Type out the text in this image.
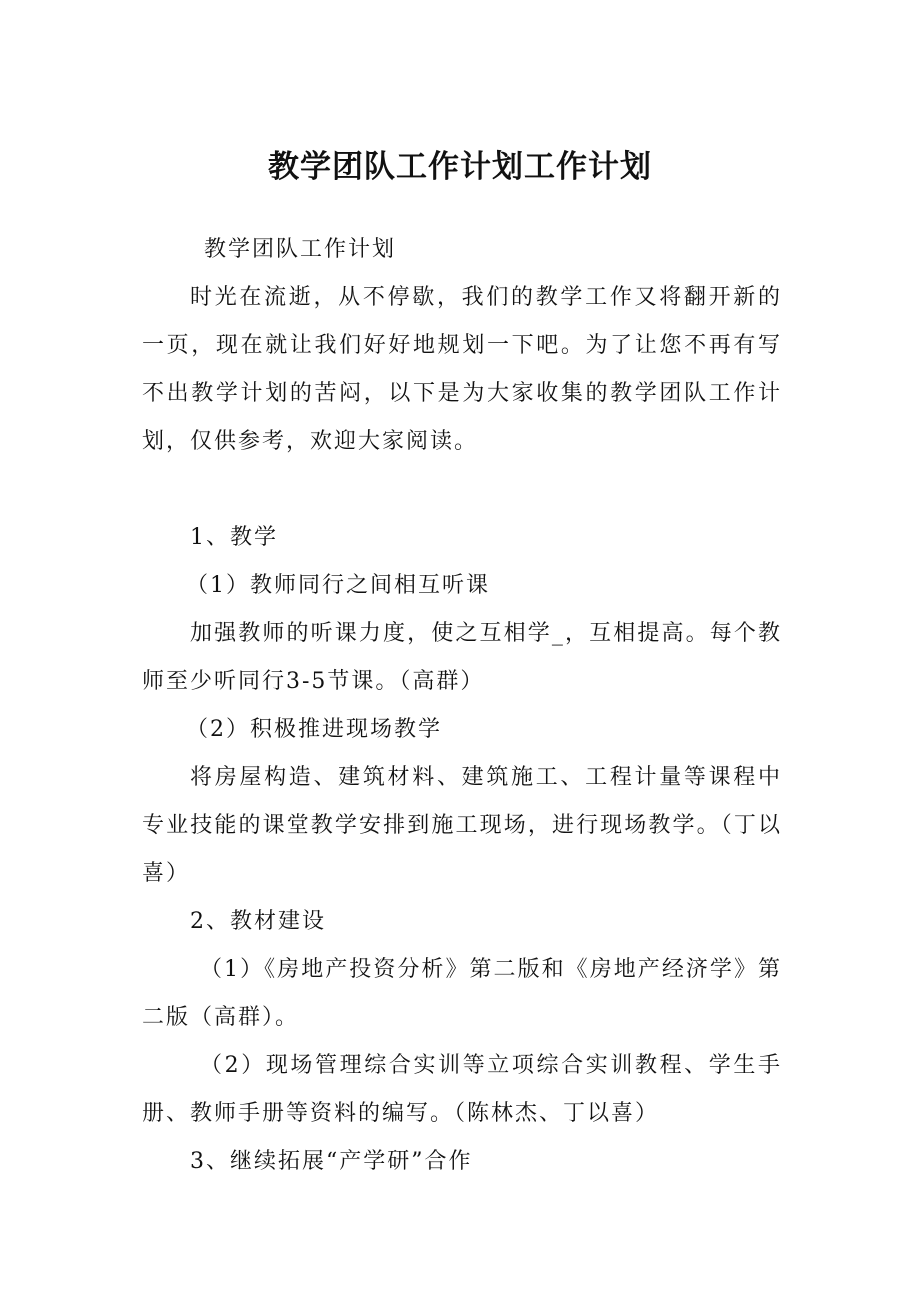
教学团队工作计划工作计划

教学团队工作计划

时光在流逝，从不停歇，我们的教学工作又将翻开新的一页，现在就让我们好好地规划一下吧。为了让您不再有写不出教学计划的苦闷，以下是为大家收集的教学团队工作计划，仅供参考，欢迎大家阅读。

1、教学

（1）教师同行之间相互听课

加强教师的听课力度，使之互相学_，互相提高。每个教师至少听同行3-5节课。（高群）

（2）积极推进现场教学

将房屋构造、建筑材料、建筑施工、工程计量等课程中专业技能的课堂教学安排到施工现场，进行现场教学。（丁以喜）

2、教材建设

（1）《房地产投资分析》第二版和《房地产经济学》第二版（高群）。

（2）现场管理综合实训等立项综合实训教程、学生手册、教师手册等资料的编写。（陈林杰、丁以喜）

3、继续拓展“产学研”合作
